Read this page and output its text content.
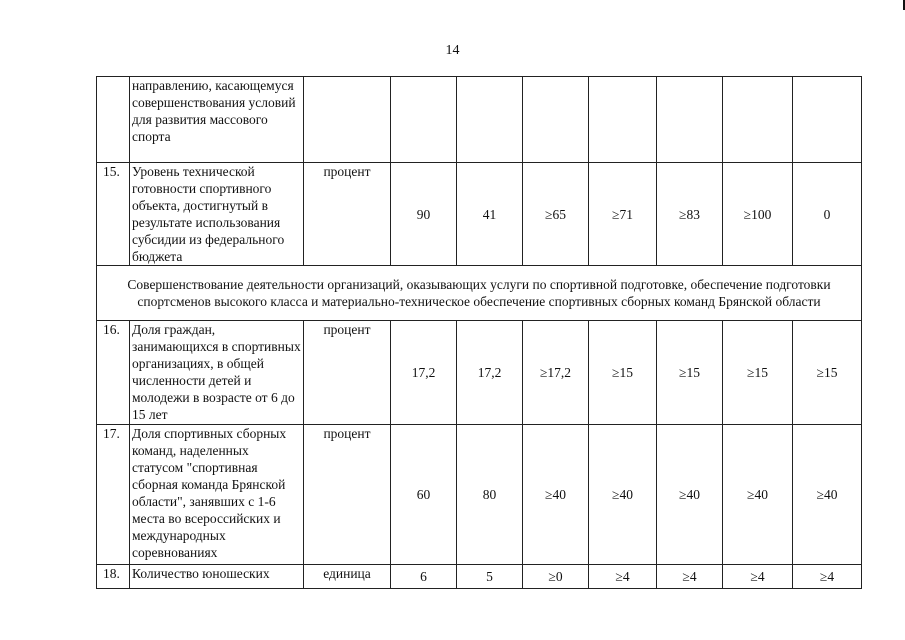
14
	направлению, касающемуся совершенствования условий для развития массового спорта								
15.	Уровень технической готовности спортивного объекта, достигнутый в результате использования субсидии из федерального бюджета	процент	90	41	≥65	≥71	≥83	≥100	0
Совершенствование деятельности организаций, оказывающих услуги по спортивной подготовке, обеспечение подготовки спортсменов высокого класса и материально-техническое обеспечение спортивных сборных команд Брянской области									
16.	Доля граждан, занимающихся в спортивных организациях, в общей численности детей и молодежи в возрасте от 6 до 15 лет	процент	17,2	17,2	≥17,2	≥15	≥15	≥15	≥15
17.	Доля спортивных сборных команд, наделенных статусом "спортивная сборная команда Брянской области", занявших с 1-6 места во всероссийских и международных соревнованиях	процент	60	80	≥40	≥40	≥40	≥40	≥40
18.	Количество юношеских	единица	6	5	≥0	≥4	≥4	≥4	≥4
